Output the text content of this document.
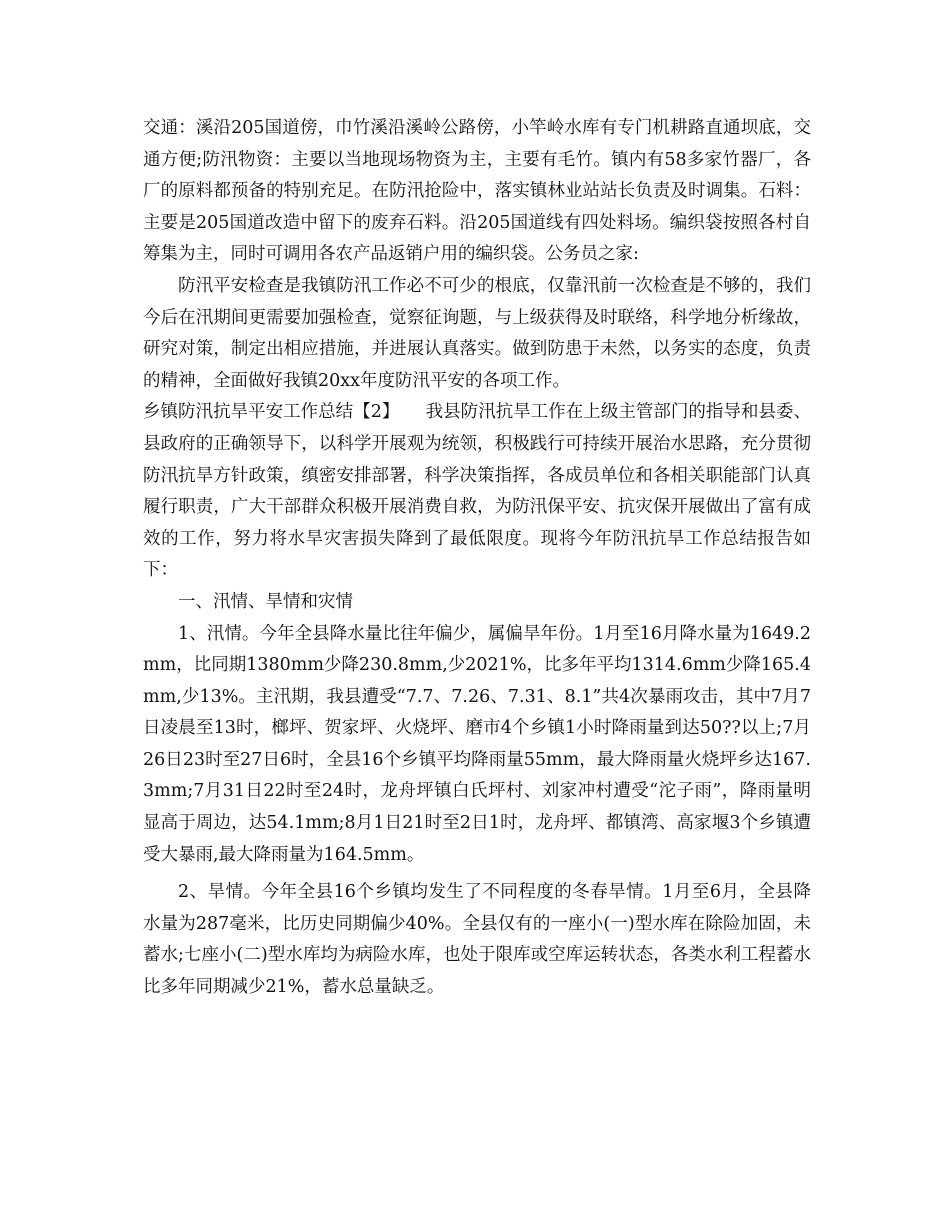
交通：溪沿205国道傍，巾竹溪沿溪岭公路傍，小竿岭水库有专门机耕路直通坝底，交通方便;防汛物资：主要以当地现场物资为主，主要有毛竹。镇内有58多家竹器厂，各厂的原料都预备的特别充足。在防汛抢险中，落实镇林业站站长负责及时调集。石料：主要是205国道改造中留下的废弃石料。沿205国道线有四处料场。编织袋按照各村自筹集为主，同时可调用各农产品返销户用的编织袋。公务员之家:

防汛平安检查是我镇防汛工作必不可少的根底，仅靠汛前一次检查是不够的，我们今后在汛期间更需要加强检查，觉察征询题，与上级获得及时联络，科学地分析缘故，研究对策，制定出相应措施，并进展认真落实。做到防患于未然，以务实的态度，负责的精神，全面做好我镇20xx年度防汛平安的各项工作。

乡镇防汛抗旱平安工作总结【2】　　我县防汛抗旱工作在上级主管部门的指导和县委、县政府的正确领导下，以科学开展观为统领，积极践行可持续开展治水思路，充分贯彻防汛抗旱方针政策，缜密安排部署，科学决策指挥，各成员单位和各相关职能部门认真履行职责，广大干部群众积极开展消费自救，为防汛保平安、抗灾保开展做出了富有成效的工作，努力将水旱灾害损失降到了最低限度。现将今年防汛抗旱工作总结报告如下：

一、汛情、旱情和灾情

1、汛情。今年全县降水量比往年偏少，属偏旱年份。1月至16月降水量为1649.2mm，比同期1380mm少降230.8mm,少2021%，比多年平均1314.6mm少降165.4mm,少13%。主汛期，我县遭受“7.7、7.26、7.31、8.1”共4次暴雨攻击，其中7月7日凌晨至13时，榔坪、贺家坪、火烧坪、磨市4个乡镇1小时降雨量到达50??以上;7月26日23时至27日6时，全县16个乡镇平均降雨量55mm，最大降雨量火烧坪乡达167.3mm;7月31日22时至24时，龙舟坪镇白氏坪村、刘家冲村遭受“沱子雨”，降雨量明显高于周边，达54.1mm;8月1日21时至2日1时，龙舟坪、都镇湾、高家堰3个乡镇遭受大暴雨,最大降雨量为164.5mm。

2、旱情。今年全县16个乡镇均发生了不同程度的冬春旱情。1月至6月，全县降水量为287毫米，比历史同期偏少40%。全县仅有的一座小(一)型水库在除险加固，未蓄水;七座小(二)型水库均为病险水库，也处于限库或空库运转状态，各类水利工程蓄水比多年同期减少21%，蓄水总量缺乏。
